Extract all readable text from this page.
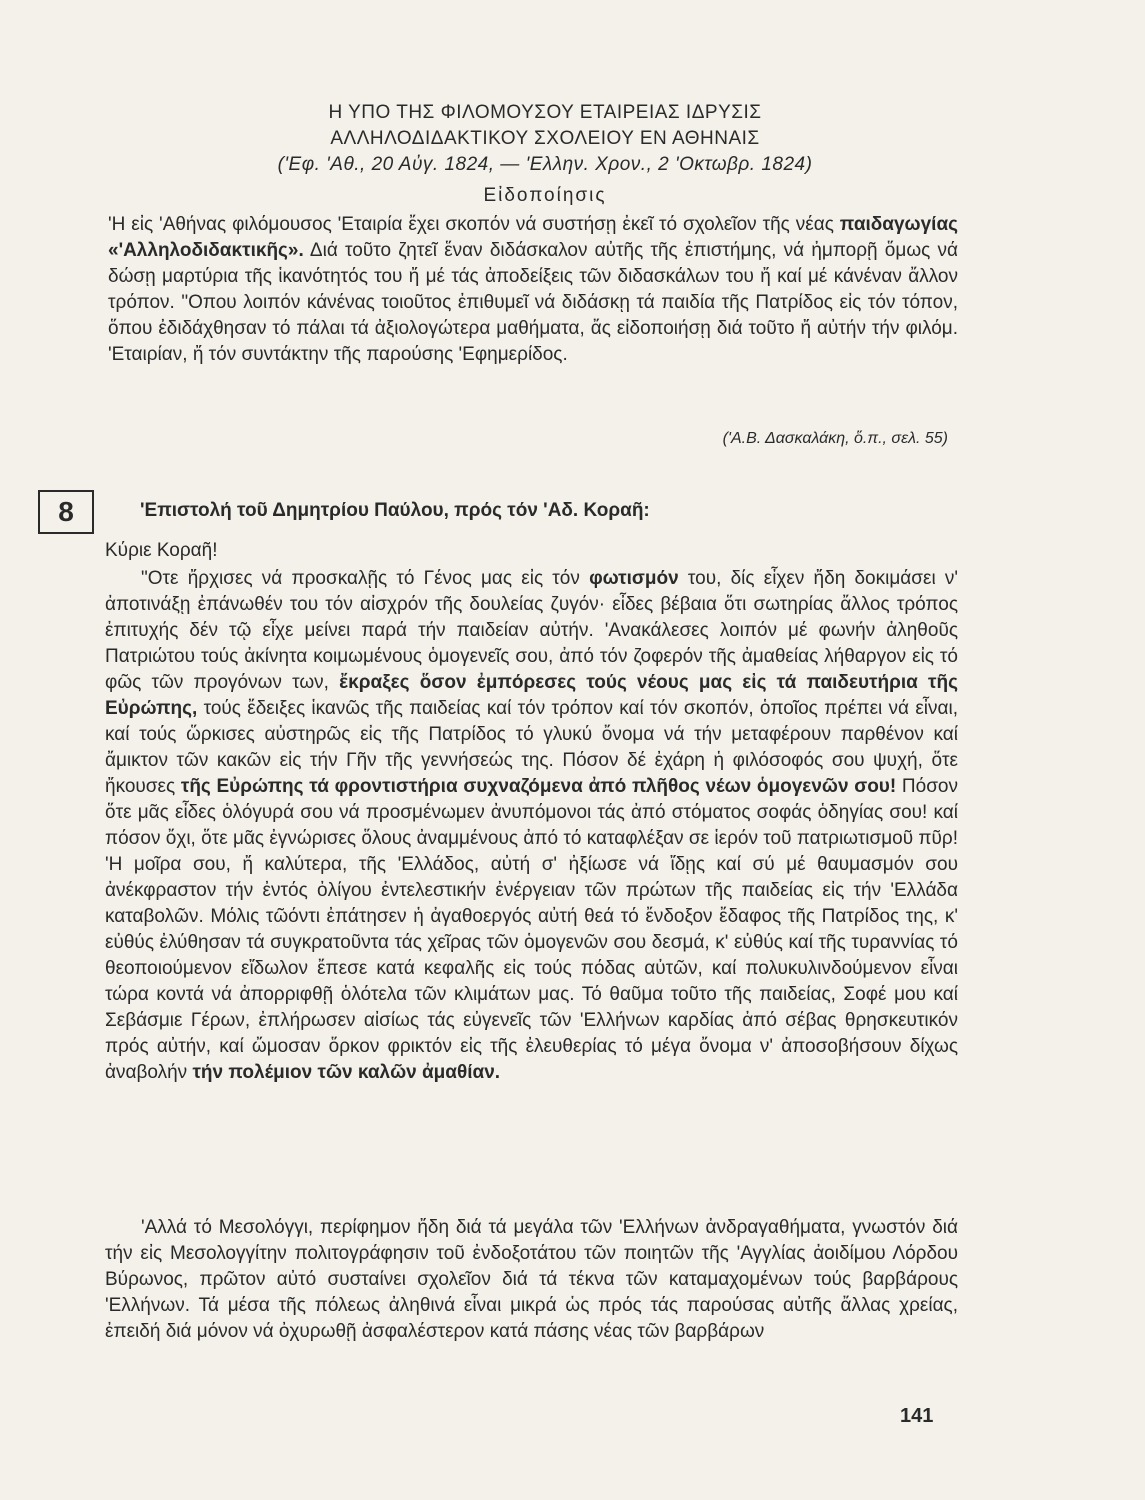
Η ΥΠΟ ΤΗΣ ΦΙΛΟΜΟΥΣΟΥ ΕΤΑΙΡΕΙΑΣ ΙΔΡΥΣΙΣ
ΑΛΛΗΛΟΔΙΔΑΚΤΙΚΟΥ ΣΧΟΛΕΙΟΥ ΕΝ ΑΘΗΝΑΙΣ
('Εφ. 'Αθ., 20 Αὐγ. 1824, — 'Ελλην. Χρον., 2 'Οκτωβρ. 1824)
Εἰδοποίησις
'Η εἰς 'Αθήνας φιλόμουσος 'Εταιρία ἔχει σκοπόν νά συστήσῃ ἐκεῖ τό σχολεῖον τῆς νέας παιδαγωγίας «'Αλληλοδιδακτικῆς». Διά τοῦτο ζητεῖ ἕναν διδάσκαλον αὐτῆς τῆς ἐπιστήμης, νά ἠμπορῇ ὅμως νά δώσῃ μαρτύρια τῆς ἱκανότητός του ἤ μέ τάς ἀποδείξεις τῶν διδασκάλων του ἤ καί μέ κάνέναν ἄλλον τρόπον. "Οπου λοιπόν κάνένας τοιοῦτος ἐπιθυμεῖ νά διδάσκῃ τά παιδία τῆς Πατρίδος εἰς τόν τόπον, ὅπου ἐδιδάχθησαν τό πάλαι τά ἀξιολογώτερα μαθήματα, ἄς εἰδοποιήσῃ διά τοῦτο ἤ αὐτήν τήν φιλόμ. 'Εταιρίαν, ἤ τόν συντάκτην τῆς παρούσης 'Εφημερίδος.
('Α.Β. Δασκαλάκη, ὅ.π., σελ. 55)
8	'Επιστολή τοῦ Δημητρίου Παύλου, πρός τόν 'Αδ. Κοραῆ:
Κύριε Κοραῆ!

"Οτε ἤρχισες νά προσκαλῇς τό Γένος μας εἰς τόν φωτισμόν του, δίς εἶχεν ἤδη δοκιμάσει ν' ἀποτινάξῃ ἐπάνωθέν του τόν αἰσχρόν τῆς δουλείας ζυγόν· εἶδες βέβαια ὅτι σωτηρίας ἄλλος τρόπος ἐπιτυχής δέν τῷ εἶχε μείνει παρά τήν παιδείαν αὐτήν. 'Ανακάλεσες λοιπόν μέ φωνήν ἀληθοῦς Πατριώτου τούς ἀκίνητα κοιμωμένους ὁμογενεῖς σου, ἀπό τόν ζοφερόν τῆς ἀμαθείας λήθαργον εἰς τό φῶς τῶν προγόνων των, ἔκραξες ὅσον ἐμπόρεσες τούς νέους μας εἰς τά παιδευτήρια τῆς Εὐρώπης, τούς ἔδειξες ἱκανῶς τῆς παιδείας καί τόν τρόπον καί τόν σκοπόν, ὁποῖος πρέπει νά εἶναι, καί τούς ὥρκισες αὐστηρῶς εἰς τῆς Πατρίδος τό γλυκύ ὄνομα νά τήν μεταφέρουν παρθένον καί ἄμικτον τῶν κακῶν εἰς τήν Γῆν τῆς γεννήσεώς της. Πόσον δέ ἐχάρη ἡ φιλόσοφός σου ψυχή, ὅτε ἤκουσες τῆς Εὐρώπης τά φροντιστήρια συχναζόμενα ἀπό πλῆθος νέων ὁμογενῶν σου! Πόσον ὅτε μᾶς εἶδες ὁλόγυρά σου νά προσμένωμεν ἀνυπόμονοι τάς ἀπό στόματος σοφάς ὁδηγίας σου! καί πόσον ὄχι, ὅτε μᾶς ἐγνώρισες ὅλους ἀναμμένους ἀπό τό καταφλέξαν σε ἱερόν τοῦ πατριωτισμοῦ πῦρ! 'Η μοῖρα σου, ἤ καλύτερα, τῆς 'Ελλάδος, αὐτή σ' ἠξίωσε νά ἴδῃς καί σύ μέ θαυμασμόν σου ἀνέκφραστον τήν ἐντός ὀλίγου ἐντελεστικήν ἐνέργειαν τῶν πρώτων τῆς παιδείας εἰς τήν 'Ελλάδα καταβολῶν. Μόλις τῶόντι ἐπάτησεν ἡ ἀγαθοεργός αὐτή θεά τό ἔνδοξον ἔδαφος τῆς Πατρίδος της, κ' εὐθύς ἐλύθησαν τά συγκρατοῦντα τάς χεῖρας τῶν ὁμογενῶν σου δεσμά, κ' εὐθύς καί τῆς τυραννίας τό θεοποιούμενον εἴδωλον ἔπεσε κατά κεφαλῆς εἰς τούς πόδας αὐτῶν, καί πολυκυλινδούμενον εἶναι τώρα κοντά νά ἀπορριφθῇ ὁλότελα τῶν κλιμάτων μας. Τό θαῦμα τοῦτο τῆς παιδείας, Σοφέ μου καί Σεβάσμιε Γέρων, ἐπλήρωσεν αἰσίως τάς εὐγενεῖς τῶν 'Ελλήνων καρδίας ἀπό σέβας θρησκευτικόν πρός αὐτήν, καί ὤμοσαν ὅρκον φρικτόν εἰς τῆς ἐλευθερίας τό μέγα ὄνομα ν' ἀποσοβήσουν δίχως ἀναβολήν τήν πολέμιον τῶν καλῶν ἀμαθίαν.

'Αλλά τό Μεσολόγγι, περίφημον ἤδη διά τά μεγάλα τῶν 'Ελλήνων ἀνδραγαθήματα, γνωστόν διά τήν εἰς Μεσολογγίτην πολιτογράφησιν τοῦ ἐνδοξοτάτου τῶν ποιητῶν τῆς 'Αγγλίας ἀοιδίμου Λόρδου Βύρωνος, πρῶτον αὐτό συσταίνει σχολεῖον διά τά τέκνα τῶν καταμαχομένων τούς βαρβάρους 'Ελλήνων. Τά μέσα τῆς πόλεως ἀληθινά εἶναι μικρά ὡς πρός τάς παρούσας αὐτῆς ἄλλας χρείας, ἐπειδή διά μόνον νά ὀχυρωθῇ ἀσφαλέστερον κατά πάσης νέας τῶν βαρβάρων

141
